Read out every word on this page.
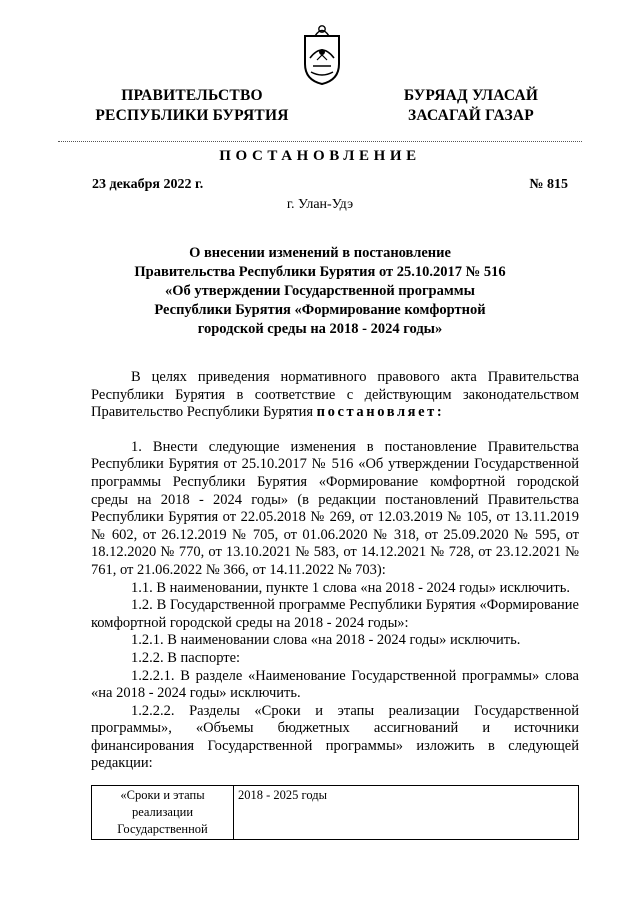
ПРАВИТЕЛЬСТВО
РЕСПУБЛИКИ БУРЯТИЯ
БУРЯАД УЛАСАЙ
ЗАСАГАЙ ГАЗАР
ПОСТАНОВЛЕНИЕ
23 декабря 2022 г.	№ 815
г. Улан-Удэ
О внесении изменений в постановление
Правительства Республики Бурятия от 25.10.2017 № 516
«Об утверждении Государственной программы
Республики Бурятия «Формирование комфортной
городской среды на 2018 - 2024 годы»

В целях приведения нормативного правового акта Правительства Республики Бурятия в соответствие с действующим законодательством Правительство Республики Бурятия постановляет:

1. Внести следующие изменения в постановление Правительства Республики Бурятия от 25.10.2017 № 516 «Об утверждении Государственной программы Республики Бурятия «Формирование комфортной городской среды на 2018 - 2024 годы» (в редакции постановлений Правительства Республики Бурятия от 22.05.2018 № 269, от 12.03.2019 № 105, от 13.11.2019 № 602, от 26.12.2019 № 705, от 01.06.2020 № 318, от 25.09.2020 № 595, от 18.12.2020 № 770, от 13.10.2021 № 583, от 14.12.2021 № 728, от 23.12.2021 № 761, от 21.06.2022 № 366, от 14.11.2022 № 703):

1.1. В наименовании, пункте 1 слова «на 2018 - 2024 годы» исключить.

1.2. В Государственной программе Республики Бурятия «Формирование комфортной городской среды на 2018 - 2024 годы»:

1.2.1. В наименовании слова «на 2018 - 2024 годы» исключить.

1.2.2. В паспорте:

1.2.2.1. В разделе «Наименование Государственной программы» слова «на 2018 - 2024 годы» исключить.

1.2.2.2. Разделы «Сроки и этапы реализации Государственной программы», «Объемы бюджетных ассигнований и источники финансирования Государственной программы» изложить в следующей редакции:

«Сроки и этапы
реализации
Государственной
	2018 - 2025 годы
